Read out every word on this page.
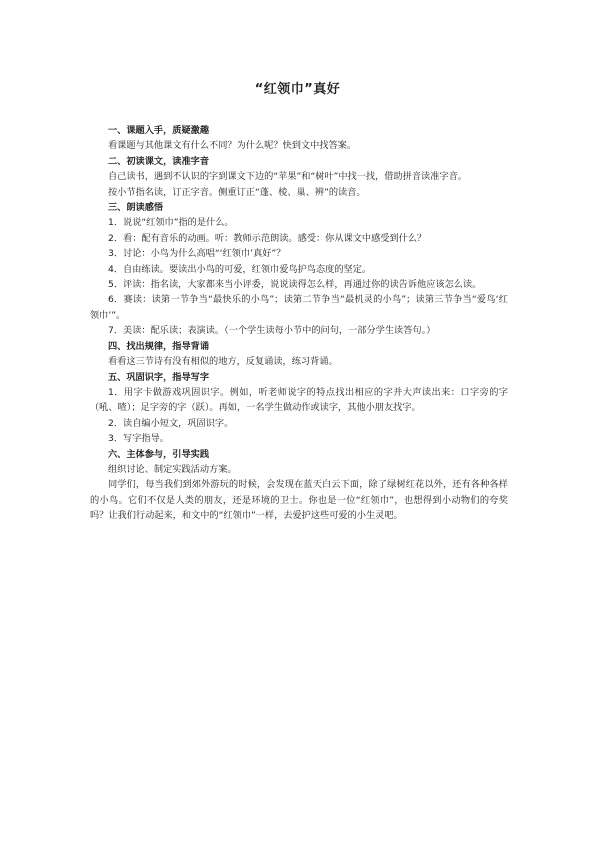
“红领巾”真好

一、课题入手，质疑激趣

看课题与其他课文有什么不同？为什么呢？快到文中找答案。

二、初读课文，读准字音

自己读书，遇到不认识的字到课文下边的“苹果”和“树叶”中找一找，借助拼音读准字音。

按小节指名读，订正字音。侧重订正“蓬、棱、巢、辨”的读音。

三、朗读感悟

1．说说“红领巾”指的是什么。

2．看：配有音乐的动画。听：教师示范朗读。感受：你从课文中感受到什么？

3．讨论：小鸟为什么高唱“‘红领巾’真好”？

4．自由练读。要读出小鸟的可爱，红领巾爱鸟护鸟态度的坚定。

5．评读：指名读，大家都来当小评委，说说读得怎么样，再通过你的读告诉他应该怎么读。

6．赛读：读第一节争当“最快乐的小鸟”；读第二节争当“最机灵的小鸟”；读第三节争当“爱鸟‘红领巾’”。

7．美读：配乐读；表演读。（一个学生读每小节中的问句，一部分学生读答句。）

四、找出规律，指导背诵

看看这三节诗有没有相似的地方，反复诵读，练习背诵。

五、巩固识字，指导写字

1．用字卡做游戏巩固识字。例如，听老师说字的特点找出相应的字并大声读出来：口字旁的字（吼、喳）；足字旁的字（跃）。再如，一名学生做动作或读字，其他小朋友找字。

2．读自编小短文，巩固识字。

3．写字指导。

六、主体参与，引导实践

组织讨论、制定实践活动方案。

同学们，每当我们到郊外游玩的时候，会发现在蓝天白云下面，除了绿树红花以外，还有各种各样的小鸟。它们不仅是人类的朋友，还是环境的卫士。你也是一位“红领巾”，也想得到小动物们的夸奖吗？让我们行动起来，和文中的“红领巾”一样，去爱护这些可爱的小生灵吧。
